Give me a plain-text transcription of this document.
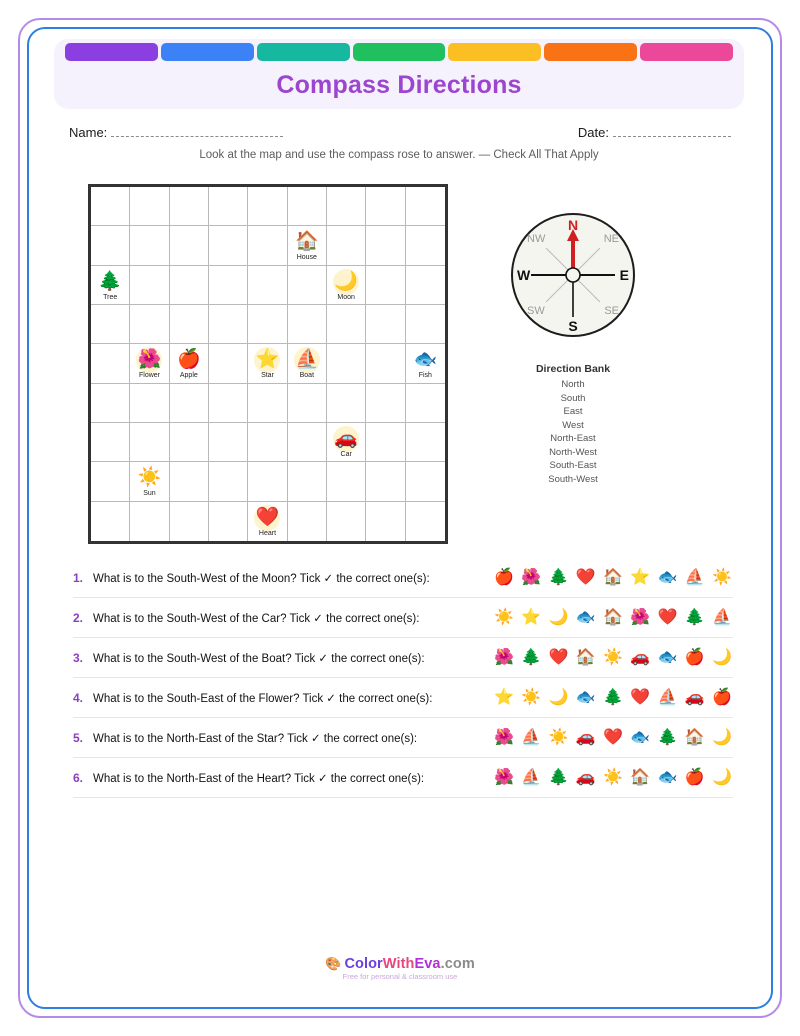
Compass Directions
Name:	Date:
Look at the map and use the compass rose to answer. — Check All That Apply
🏠
House
🌲
Tree
🌙
Moon
🌺
Flower
🍎
Apple
⭐
Star
⛵
Boat
🐟
Fish
🚗
Car
☀️
Sun
❤️
Heart
N
S
W	E
NW	NE
SW	SE
Direction Bank
North
South
East
West
North-East
North-West
South-East
South-West
1. What is to the South-West of the Moon? Tick ✓ the correct one(s):	🍎 🌺 🌲 ❤️ 🏠 ⭐ 🐟 ⛵ ☀️
2. What is to the South-West of the Car? Tick ✓ the correct one(s):	☀️ ⭐ 🌙 🐟 🏠 🌺 ❤️ 🌲 ⛵
3. What is to the South-West of the Boat? Tick ✓ the correct one(s):	🌺 🌲 ❤️ 🏠 ☀️ 🚗 🐟 🍎 🌙
4. What is to the South-East of the Flower? Tick ✓ the correct one(s):	⭐ ☀️ 🌙 🐟 🌲 ❤️ ⛵ 🚗 🍎
5. What is to the North-East of the Star? Tick ✓ the correct one(s):	🌺 ⛵ ☀️ 🚗 ❤️ 🐟 🌲 🏠 🌙
6. What is to the North-East of the Heart? Tick ✓ the correct one(s):	🌺 ⛵ 🌲 🚗 ☀️ 🏠 🐟 🍎 🌙
🎨 ColorWithEva.com
Free for personal & classroom use
